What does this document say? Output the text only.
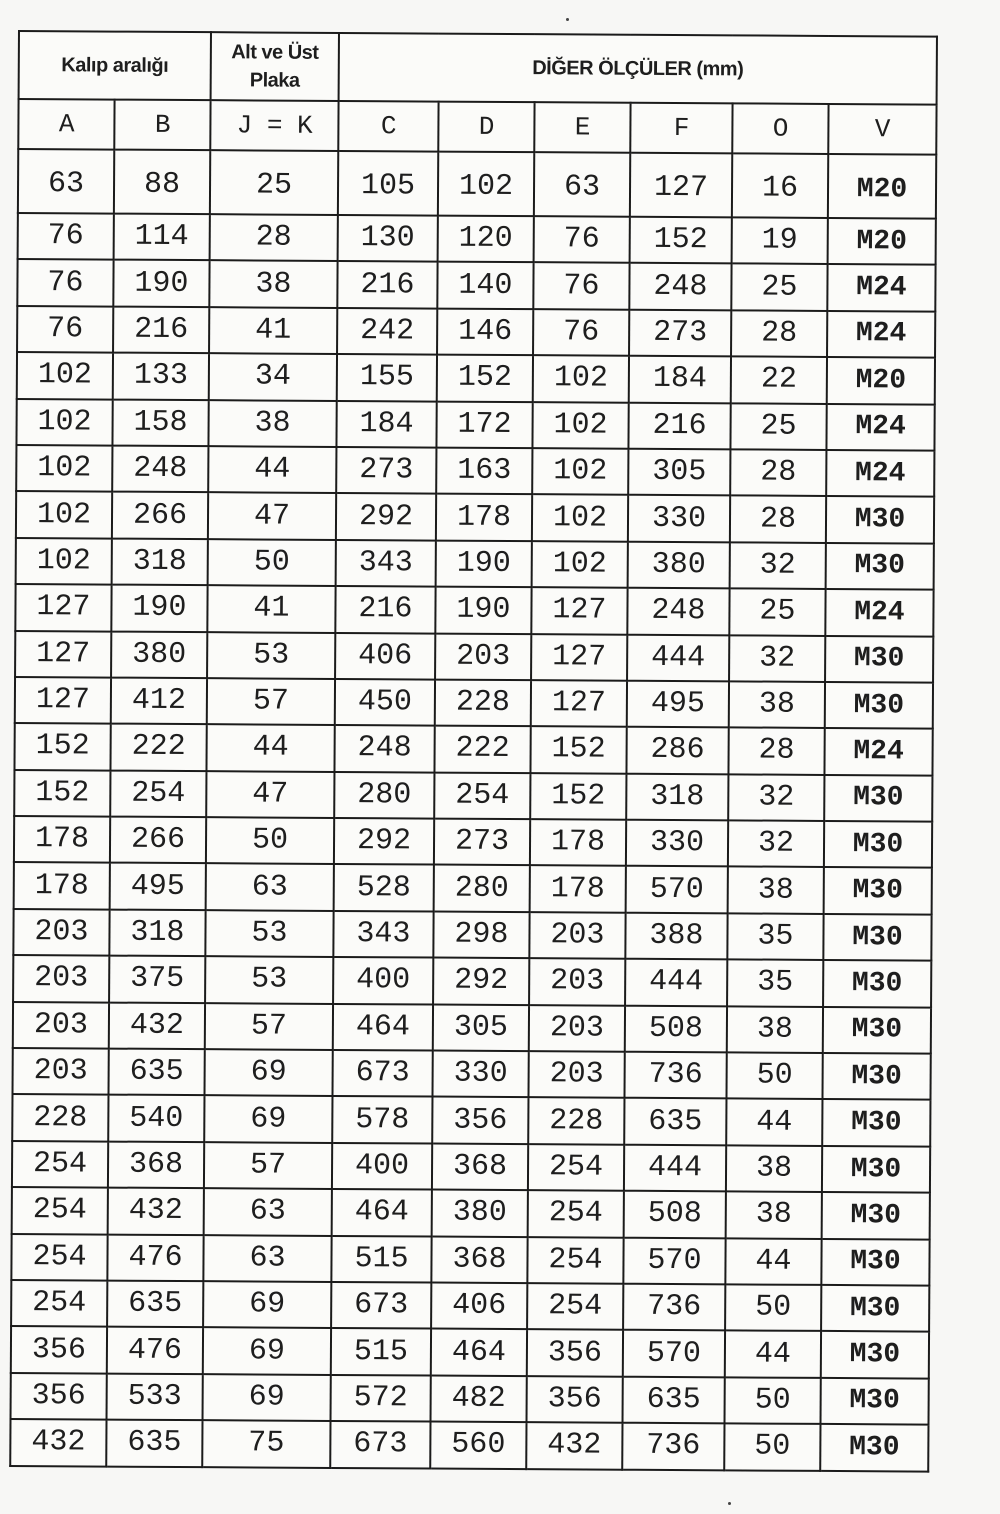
Kalıp aralığı		Alt ve Üst Plaka	DİĞER ÖLÇÜLER (mm)					
A	B	J = K	C	D	E	F	O	V
63	88	25	105	102	63	127	16	M20
76	114	28	130	120	76	152	19	M20
76	190	38	216	140	76	248	25	M24
76	216	41	242	146	76	273	28	M24
102	133	34	155	152	102	184	22	M20
102	158	38	184	172	102	216	25	M24
102	248	44	273	163	102	305	28	M24
102	266	47	292	178	102	330	28	M30
102	318	50	343	190	102	380	32	M30
127	190	41	216	190	127	248	25	M24
127	380	53	406	203	127	444	32	M30
127	412	57	450	228	127	495	38	M30
152	222	44	248	222	152	286	28	M24
152	254	47	280	254	152	318	32	M30
178	266	50	292	273	178	330	32	M30
178	495	63	528	280	178	570	38	M30
203	318	53	343	298	203	388	35	M30
203	375	53	400	292	203	444	35	M30
203	432	57	464	305	203	508	38	M30
203	635	69	673	330	203	736	50	M30
228	540	69	578	356	228	635	44	M30
254	368	57	400	368	254	444	38	M30
254	432	63	464	380	254	508	38	M30
254	476	63	515	368	254	570	44	M30
254	635	69	673	406	254	736	50	M30
356	476	69	515	464	356	570	44	M30
356	533	69	572	482	356	635	50	M30
432	635	75	673	560	432	736	50	M30
